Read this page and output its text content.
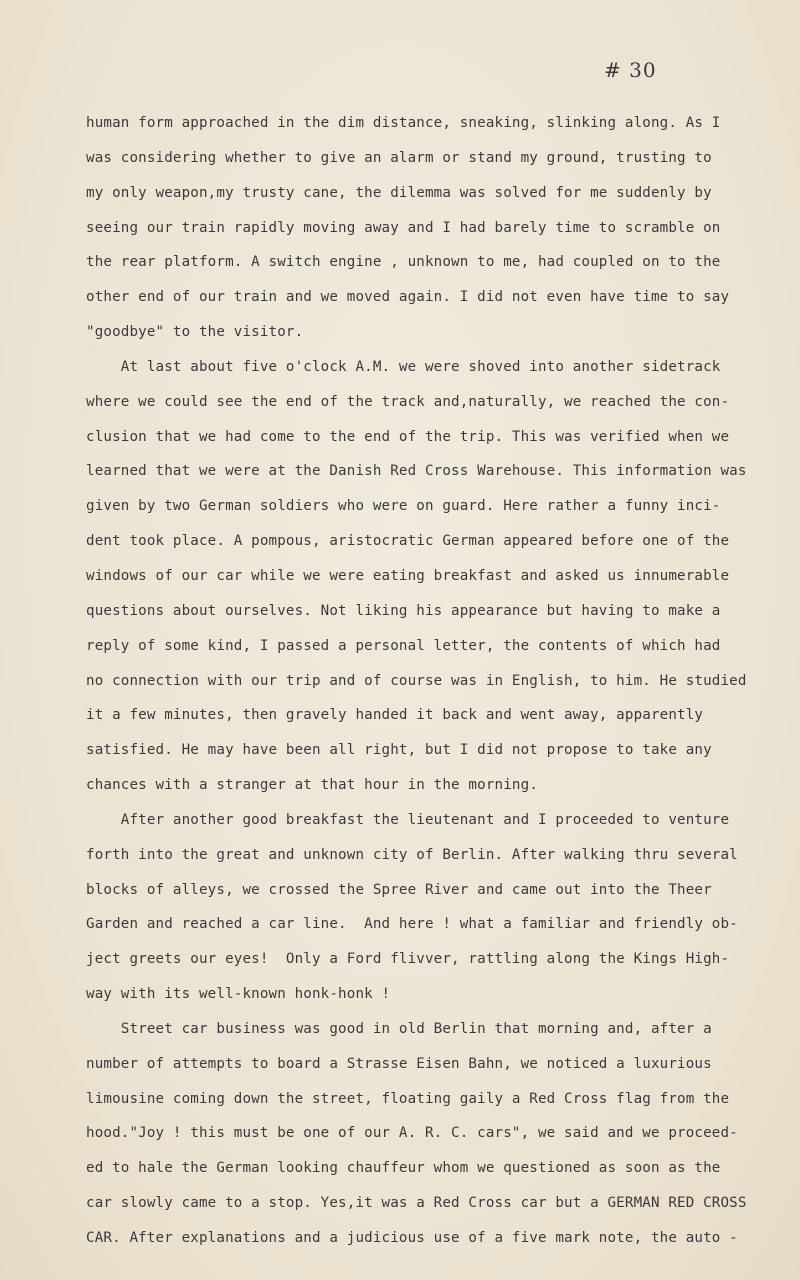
# 30
human form approached in the dim distance, sneaking, slinking along. As I
was considering whether to give an alarm or stand my ground, trusting to
my only weapon,my trusty cane, the dilemma was solved for me suddenly by
seeing our train rapidly moving away and I had barely time to scramble on
the rear platform. A switch engine , unknown to me, had coupled on to the
other end of our train and we moved again. I did not even have time to say
"goodbye" to the visitor.
At last about five o'clock A.M. we were shoved into another sidetrack
where we could see the end of the track and,naturally, we reached the con-
clusion that we had come to the end of the trip. This was verified when we
learned that we were at the Danish Red Cross Warehouse. This information was
given by two German soldiers who were on guard. Here rather a funny inci-
dent took place. A pompous, aristocratic German appeared before one of the
windows of our car while we were eating breakfast and asked us innumerable
questions about ourselves. Not liking his appearance but having to make a
reply of some kind, I passed a personal letter, the contents of which had
no connection with our trip and of course was in English, to him. He studied
it a few minutes, then gravely handed it back and went away, apparently
satisfied. He may have been all right, but I did not propose to take any
chances with a stranger at that hour in the morning.
After another good breakfast the lieutenant and I proceeded to venture
forth into the great and unknown city of Berlin. After walking thru several
blocks of alleys, we crossed the Spree River and came out into the Theer
Garden and reached a car line.  And here ! what a familiar and friendly ob-
ject greets our eyes!  Only a Ford flivver, rattling along the Kings High-
way with its well-known honk-honk !
Street car business was good in old Berlin that morning and, after a
number of attempts to board a Strasse Eisen Bahn, we noticed a luxurious
limousine coming down the street, floating gaily a Red Cross flag from the
hood."Joy ! this must be one of our A. R. C. cars", we said and we proceed-
ed to hale the German looking chauffeur whom we questioned as soon as the
car slowly came to a stop. Yes,it was a Red Cross car but a GERMAN RED CROSS
CAR. After explanations and a judicious use of a five mark note, the auto -
